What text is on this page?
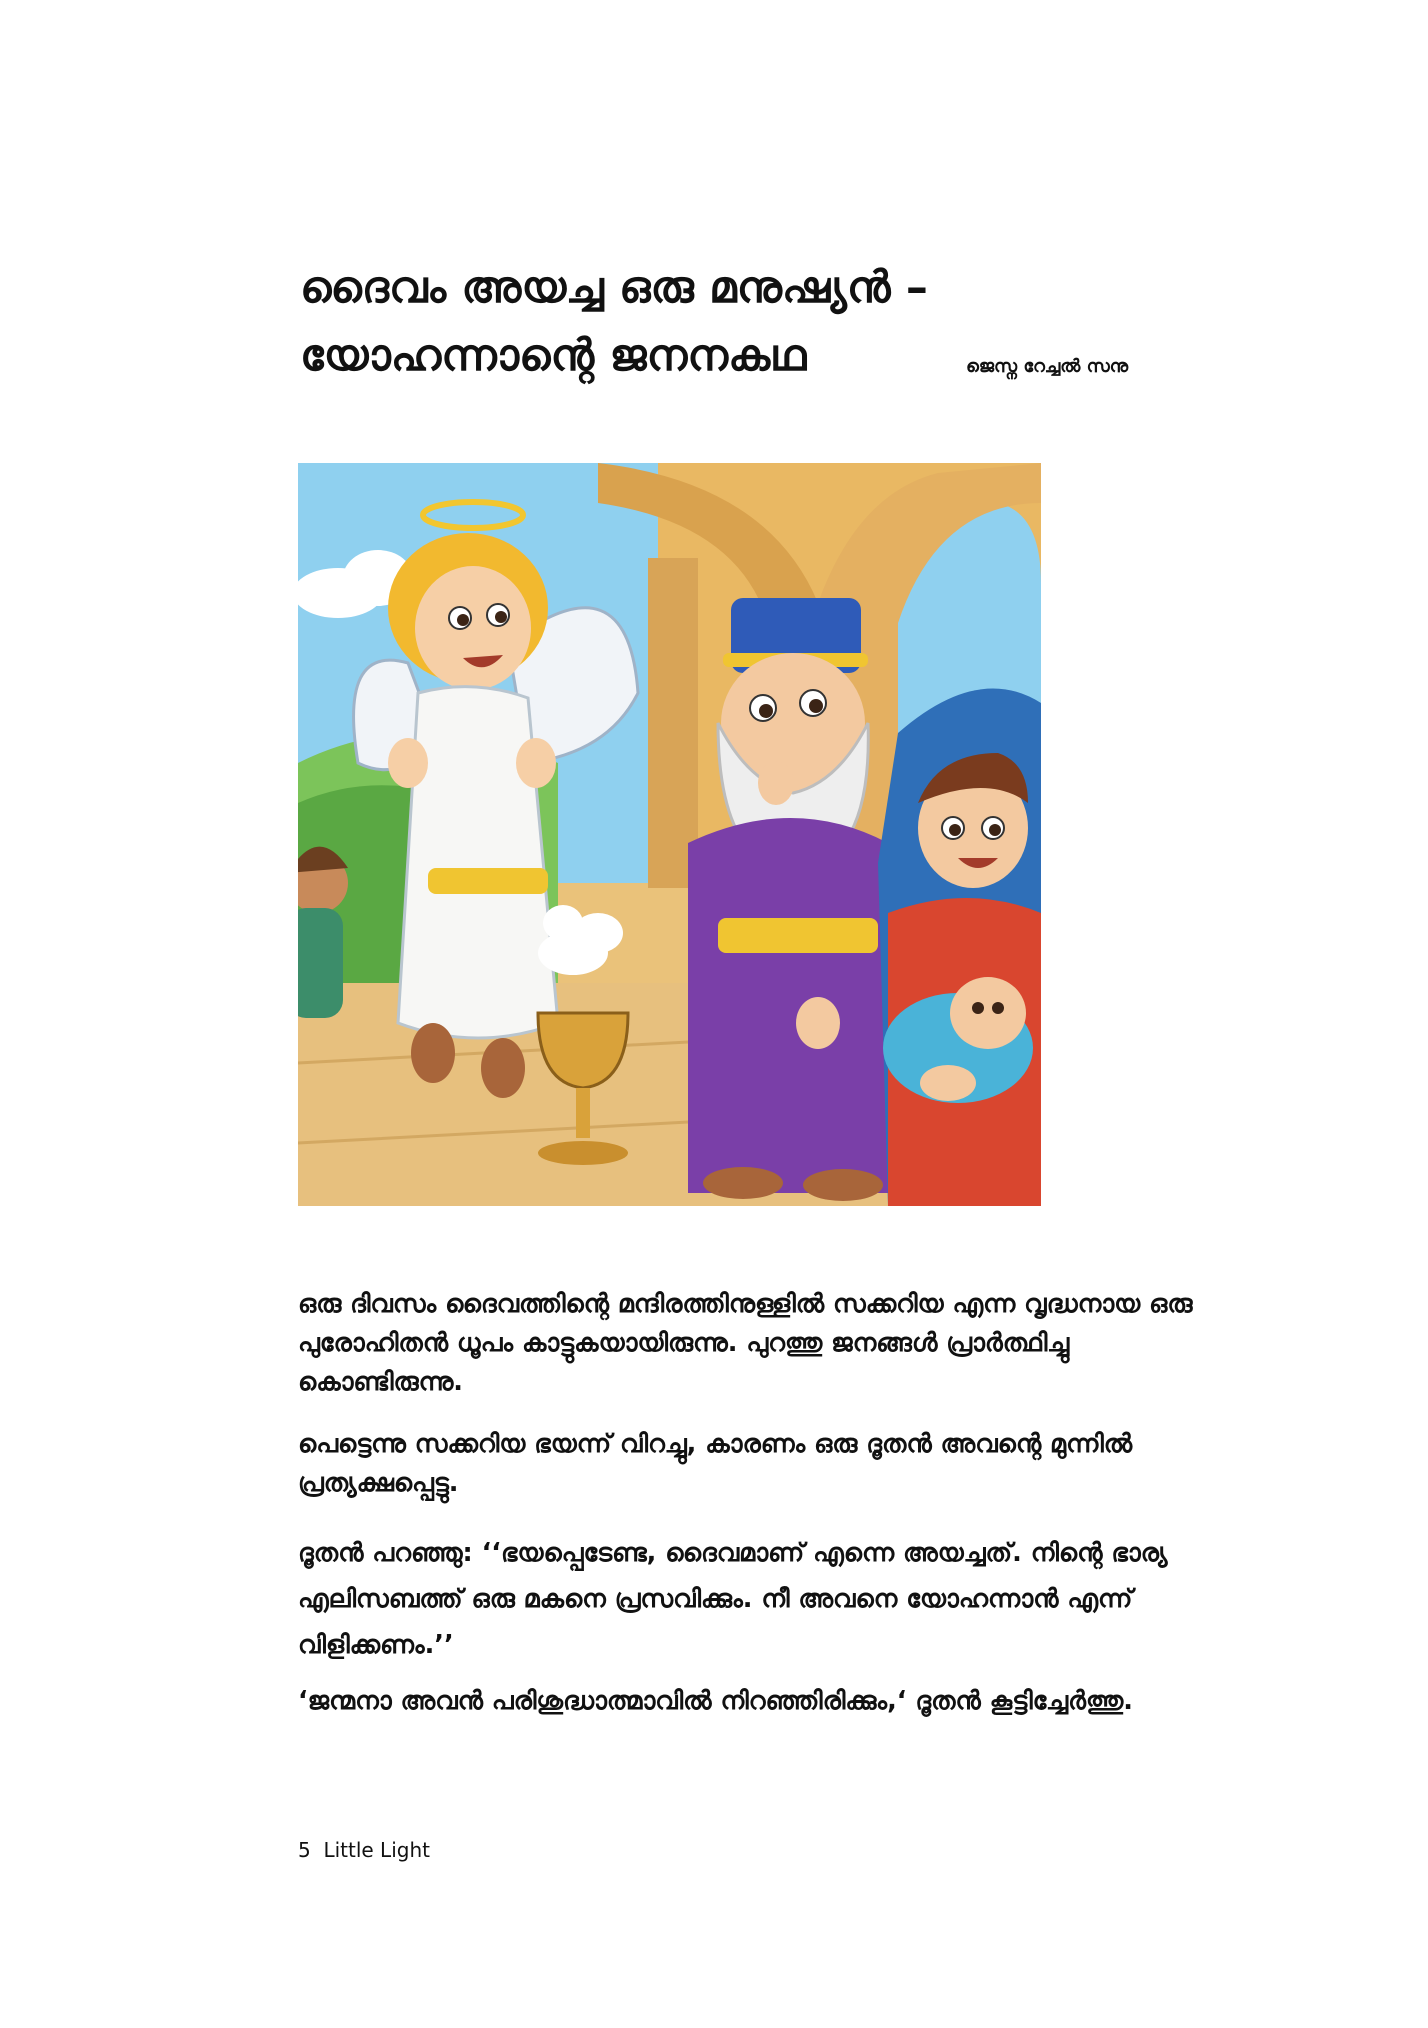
ദൈവം അയച്ച ഒരു മനുഷ്യൻ –
യോഹന്നാന്റെ ജനനകഥ	ജെസ്ന റേച്ചൽ സനു

ഒരു ദിവസം ദൈവത്തിന്റെ മന്ദിരത്തിനുള്ളിൽ സക്കറിയ എന്ന വൃദ്ധനായ ഒരു പുരോഹിതൻ ധൂപം കാട്ടുകയായിരുന്നു. പുറത്തു ജനങ്ങൾ പ്രാർത്ഥിച്ചു കൊണ്ടിരുന്നു.

പെട്ടെന്നു സക്കറിയ ഭയന്ന് വിറച്ചു, കാരണം ഒരു ദൂതൻ അവന്റെ മുന്നിൽ പ്രത്യക്ഷപ്പെട്ടു.

ദൂതൻ പറഞ്ഞു: ‘‘ഭയപ്പെടേണ്ട, ദൈവമാണ് എന്നെ അയച്ചത്. നിന്റെ ഭാര്യ എലിസബത്ത് ഒരു മകനെ പ്രസവിക്കും. നീ അവനെ യോഹന്നാൻ എന്ന് വിളിക്കണം.’’

‘ജന്മനാ അവൻ പരിശുദ്ധാത്മാവിൽ നിറഞ്ഞിരിക്കും,‘ ദൂതൻ കൂട്ടിച്ചേർത്തു.

5 Little Light
